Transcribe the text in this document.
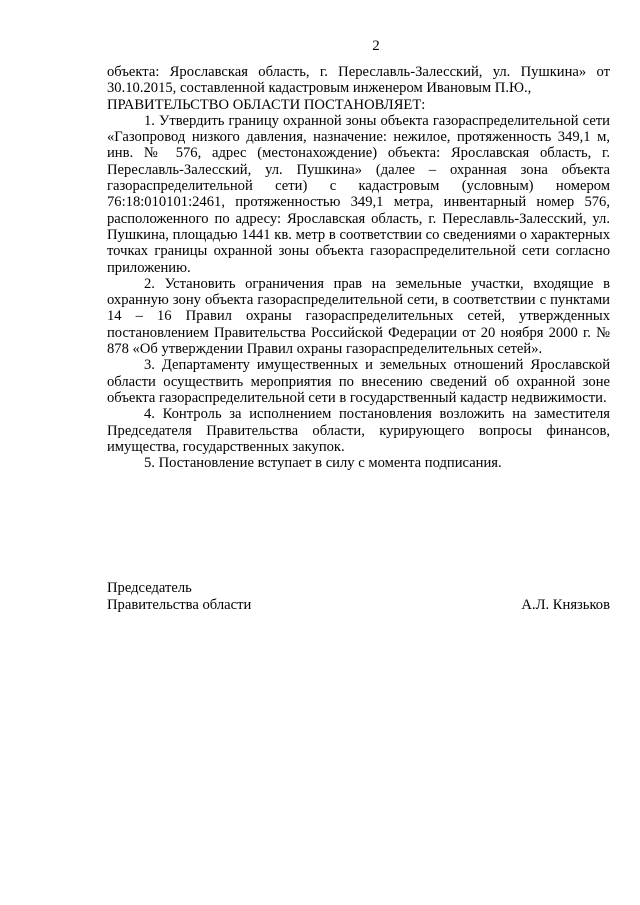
2

объекта: Ярославская область, г. Переславль-Залесский, ул. Пушкина» от 30.10.2015, составленной кадастровым инженером Ивановым П.Ю.,

ПРАВИТЕЛЬСТВО ОБЛАСТИ ПОСТАНОВЛЯЕТ:

1. Утвердить границу охранной зоны объекта газораспределительной сети «Газопровод низкого давления, назначение: нежилое, протяженность 349,1 м, инв. № 576, адрес (местонахождение) объекта: Ярославская область, г. Переславль-Залесский, ул. Пушкина» (далее – охранная зона объекта газораспределительной сети) с кадастровым (условным) номером 76:18:010101:2461, протяженностью 349,1 метра, инвентарный номер 576, расположенного по адресу: Ярославская область, г. Переславль-Залесский, ул. Пушкина, площадью 1441 кв. метр в соответствии со сведениями о характерных точках границы охранной зоны объекта газораспределительной сети согласно приложению.

2. Установить ограничения прав на земельные участки, входящие в охранную зону объекта газораспределительной сети, в соответствии с пунктами 14 – 16 Правил охраны газораспределительных сетей, утвержденных постановлением Правительства Российской Федерации от 20 ноября 2000 г. № 878 «Об утверждении Правил охраны газораспределительных сетей».

3. Департаменту имущественных и земельных отношений Ярославской области осуществить мероприятия по внесению сведений об охранной зоне объекта газораспределительной сети в государственный кадастр недвижимости.

4. Контроль за исполнением постановления возложить на заместителя Председателя Правительства области, курирующего вопросы финансов, имущества, государственных закупок.

5. Постановление вступает в силу с момента подписания.

Председатель
Правительства области	А.Л. Князьков
